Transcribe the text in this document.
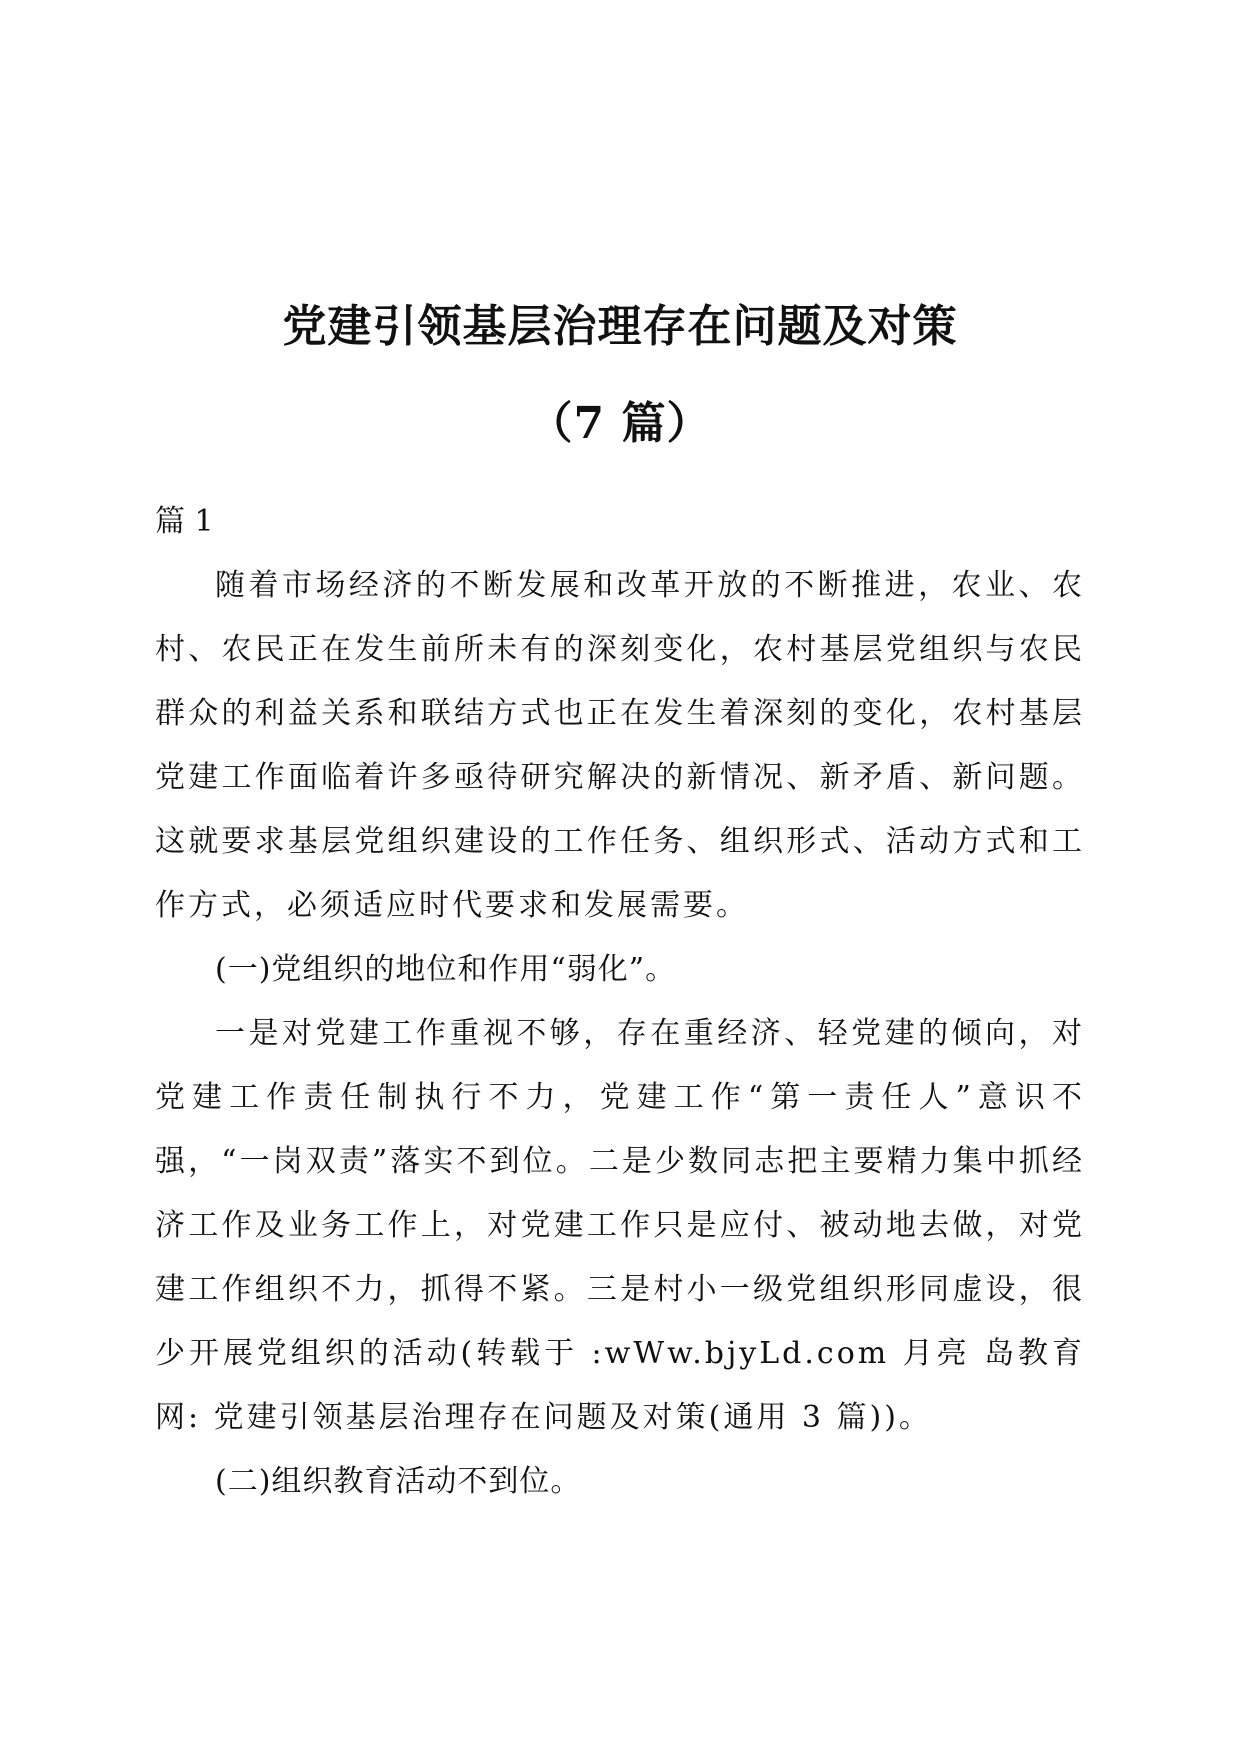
党建引领基层治理存在问题及对策
（7 篇）

篇 1

随着市场经济的不断发展和改革开放的不断推进，农业、农村、农民正在发生前所未有的深刻变化，农村基层党组织与农民群众的利益关系和联结方式也正在发生着深刻的变化，农村基层党建工作面临着许多亟待研究解决的新情况、新矛盾、新问题。这就要求基层党组织建设的工作任务、组织形式、活动方式和工作方式，必须适应时代要求和发展需要。

(一)党组织的地位和作用“弱化”。

一是对党建工作重视不够，存在重经济、轻党建的倾向，对党建工作责任制执行不力，党建工作“第一责任人”意识不强，“一岗双责”落实不到位。二是少数同志把主要精力集中抓经济工作及业务工作上，对党建工作只是应付、被动地去做，对党建工作组织不力，抓得不紧。三是村小一级党组织形同虚设，很少开展党组织的活动(转载于 :wWw.bjyLd.com 月亮 岛教育网: 党建引领基层治理存在问题及对策(通用 3 篇))。

(二)组织教育活动不到位。
